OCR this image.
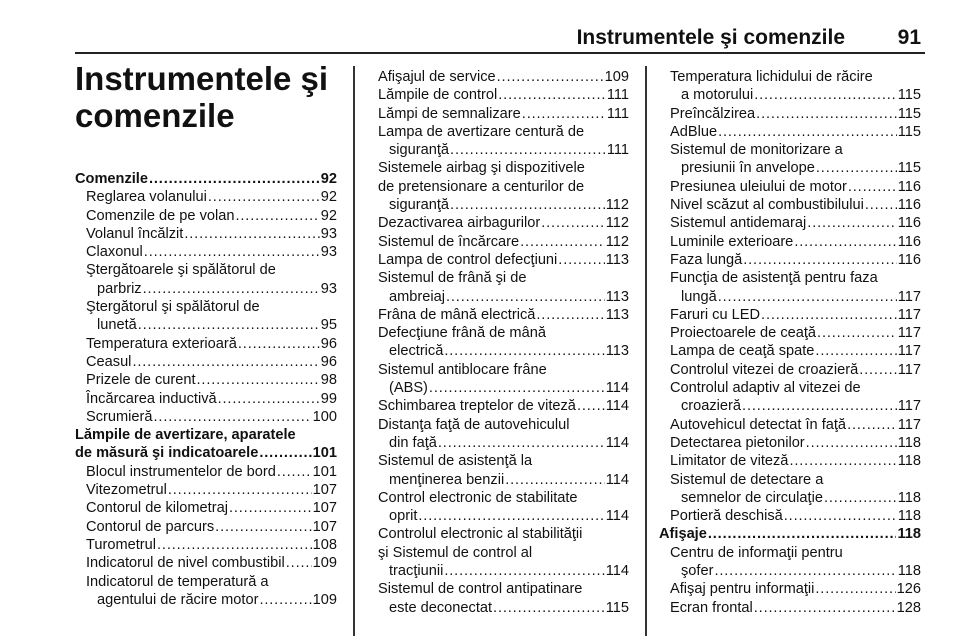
Instrumentele şi comenzile	91
Instrumentele şi
comenzile
Comenzile . . .	92
Reglarea volanului . . .	92
Comenzile de pe volan . . .	92
Volanul încălzit . . .	93
Claxonul . . .	93
Ştergătoarele şi spălătorul de
parbriz . . .	93
Ştergătorul şi spălătorul de
lunetă . . .	95
Temperatura exterioară . . .	96
Ceasul . . .	96
Prizele de curent . . .	98
Încărcarea inductivă . . .	99
Scrumieră . . .	100
Lămpile de avertizare, aparatele
de măsură şi indicatoarele . . .	101
Blocul instrumentelor de bord . . .	101
Vitezometrul . . .	107
Contorul de kilometraj . . .	107
Contorul de parcurs . . .	107
Turometrul . . .	108
Indicatorul de nivel combustibil . . . 109
Indicatorul de temperatură a
agentului de răcire motor . . .	109
Afişajul de service . . .	109
Lămpile de control . . .	111
Lămpi de semnalizare . . .	111
Lampa de avertizare centură de
siguranţă . . .	111
Sistemele airbag şi dispozitivele
de pretensionare a centurilor de
siguranţă . . .	112
Dezactivarea airbagurilor . . .	112
Sistemul de încărcare . . .	112
Lampa de control defecţiuni . . .	113
Sistemul de frână şi de
ambreiaj . . .	113
Frâna de mână electrică . . .	113
Defecţiune frână de mână
electrică . . .	113
Sistemul antiblocare frâne
(ABS) . . .	114
Schimbarea treptelor de viteză . . . 114
Distanţa faţă de autovehiculul
din faţă . . .	114
Sistemul de asistenţă la
menţinerea benzii . . .	114
Control electronic de stabilitate
oprit . . .	114
Controlul electronic al stabilităţii
şi Sistemul de control al
tracţiunii . . .	114
Sistemul de control antipatinare
este deconectat . . .	115
Temperatura lichidului de răcire
a motorului . . .	115
Preîncălzirea . . .	115
AdBlue . . .	115
Sistemul de monitorizare a
presiunii în anvelope . . .	115
Presiunea uleiului de motor . . .	116
Nivel scăzut al combustibilului . . . 116
Sistemul antidemaraj . . .	116
Luminile exterioare . . .	116
Faza lungă . . .	116
Funcţia de asistenţă pentru faza
lungă . . .	117
Faruri cu LED . . .	117
Proiectoarele de ceaţă . . .	117
Lampa de ceaţă spate . . .	117
Controlul vitezei de croazieră . . .	117
Controlul adaptiv al vitezei de
croazieră . . .	117
Autovehicul detectat în faţă . . .	117
Detectarea pietonilor . . .	118
Limitator de viteză . . .	118
Sistemul de detectare a
semnelor de circulaţie . . .	118
Portieră deschisă . . .	118
Afişaje . . .	118
Centru de informaţii pentru
şofer . . .	118
Afişaj pentru informaţii . . .	126
Ecran frontal . . .	128
